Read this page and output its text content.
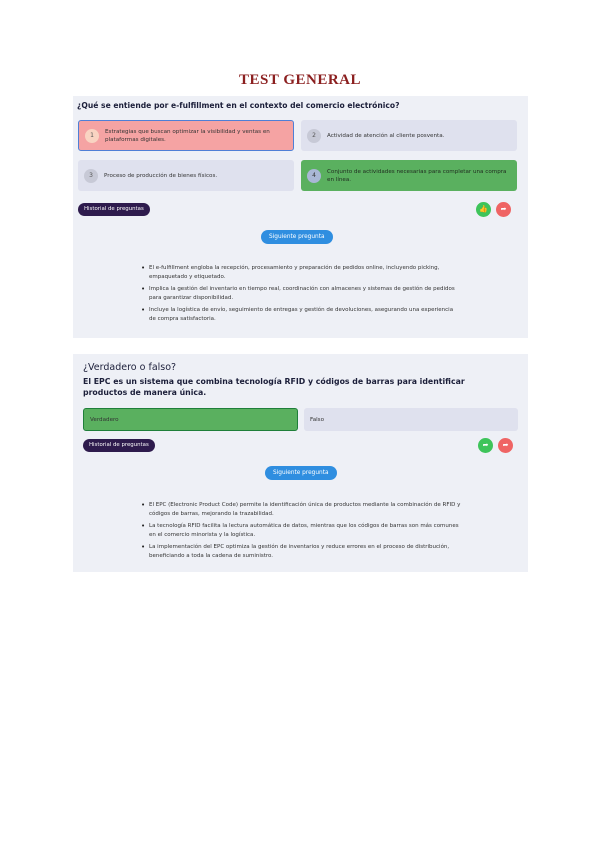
TEST GENERAL
¿Qué se entiende por e-fulfillment en el contexto del comercio electrónico?
1	Estrategias que buscan optimizar la visibilidad y ventas en plataformas digitales.
2	Actividad de atención al cliente posventa.
3	Proceso de producción de bienes físicos.	4	Conjunto de actividades necesarias para completar una compra en línea.
Historial de preguntas	👍	➦
Siguiente pregunta
• El e-fulfillment engloba la recepción, procesamiento y preparación de pedidos online, incluyendo picking, empaquetado y etiquetado.
• Implica la gestión del inventario en tiempo real, coordinación con almacenes y sistemas de gestión de pedidos para garantizar disponibilidad.
• Incluye la logística de envío, seguimiento de entregas y gestión de devoluciones, asegurando una experiencia de compra satisfactoria.
¿Verdadero o falso?
El EPC es un sistema que combina tecnología RFID y códigos de barras para identificar productos de manera única.
Verdadero	Falso
Historial de preguntas	➦	➦
Siguiente pregunta
• El EPC (Electronic Product Code) permite la identificación única de productos mediante la combinación de RFID y códigos de barras, mejorando la trazabilidad.
• La tecnología RFID facilita la lectura automática de datos, mientras que los códigos de barras son más comunes en el comercio minorista y la logística.
• La implementación del EPC optimiza la gestión de inventarios y reduce errores en el proceso de distribución, beneficiando a toda la cadena de suministro.
